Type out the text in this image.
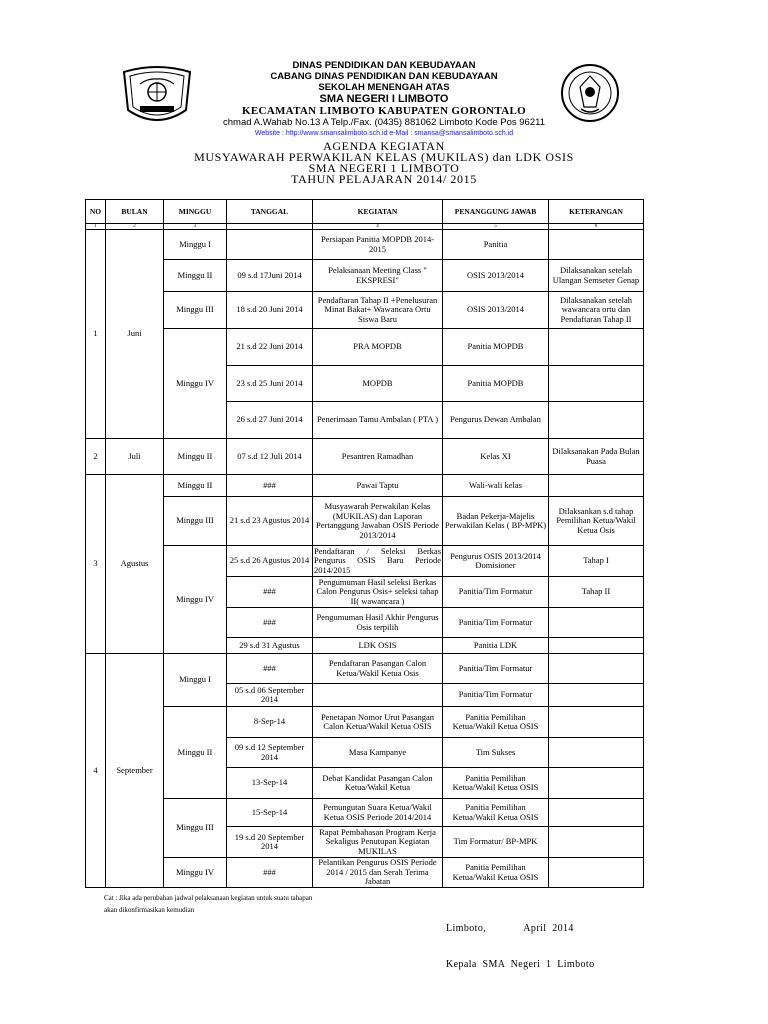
DINAS PENDIDIKAN DAN KEBUDAYAAN
CABANG DINAS PENDIDIKAN DAN KEBUDAYAAN
SEKOLAH MENENGAH ATAS
SMA NEGERI I LIMBOTO
KECAMATAN LIMBOTO KABUPATEN GORONTALO
chmad A.Wahab No.13 A Telp./Fax. (0435) 881062 Limboto Kode Pos 96211
Website : http://www.smansalimboto.sch.id e-Mail : smansa@smansalimboto.sch.id
AGENDA KEGIATAN
MUSYAWARAH PERWAKILAN KELAS (MUKILAS) dan LDK OSIS
SMA NEGERI 1 LIMBOTO
TAHUN PELAJARAN 2014/ 2015
NO	BULAN	MINGGU	TANGGAL	KEGIATAN	PENANGGUNG JAWAB	KETERANGAN
1	2	3		4	5	6
1	Juni	Minggu I		Persiapan Panitia MOPDB 2014-2015	Panitia	
		Minggu II	09 s.d 17Juni 2014	Pelaksanaan Meeting Class " EKSPRESI"	OSIS 2013/2014	Dilaksanakan setelah Ulangan Semseter Genap
		Minggu III	18 s.d 20 Juni 2014	Pendaftaran Tahap II +Penelusuran Minat Bakat+ Wawancara Ortu Siswa Baru	OSIS 2013/2014	Dilaksanakan setelah wawancara ortu dan Pendaftaran Tahap II
		Minggu IV	21 s.d 22 Juni 2014	PRA MOPDB	Panitia MOPDB	
			23 s.d 25 Juni 2014	MOPDB	Panitia MOPDB	
			26 s.d 27 Juni 2014	Penerimaan Tamu Ambalan ( PTA )	Pengurus Dewan Ambalan	
2	Juli	Minggu II	07 s.d 12 Juli 2014	Pesantren Ramadhan	Kelas XI	Dilaksanakan Pada Bulan Puasa
3	Agustus	Minggu II	###	Pawai Taptu	Wali-wali kelas	
		Minggu III	21 s.d 23 Agustus 2014	Musyawarah Perwakilan Kelas (MUKILAS) dan Laporan Pertanggung Jawaban OSIS Periode 2013/2014	Badan Pekerja-Majelis Perwakilan Kelas ( BP-MPK)	Dilaksankan s.d tahap Pemilihan Ketua/Wakil Ketua Osis
		Minggu IV	25 s.d 26 Agustus 2014	Pendaftaran / Seleksi Berkas Pengurus OSIS Baru Periode 2014/2015	Pengurus OSIS 2013/2014 Domisioner	Tahap I
			###	Pengumuman Hasil seleksi Berkas Calon Pengurus Osis+ seleksi tahap II( wawancara )	Panitia/Tim Formatur	Tahap II
			###	Pengumuman Hasil Akhir Pengurus Osis terpilih	Panitia/Tim Formatur	
			29 s.d 31 Agustus	LDK OSIS	Panitia LDK	
4	September	Minggu I	###	Pendaftaran Pasangan Calon Ketua/Wakil Ketua Osis	Panitia/Tim Formatur	
			05 s.d 06 September 2014		Panitia/Tim Formatur	
		Minggu II	8-Sep-14	Penetapan Nomor Urut Pasangan Calon Ketua/Wakil Ketua OSIS	Panitia Pemilihan Ketua/Wakil Ketua OSIS	
			09 s.d 12 September 2014	Masa Kampanye	Tim Sukses	
			13-Sep-14	Debat Kandidat Pasangan Calon Ketua/Wakil Ketua	Panitia Pemilihan Ketua/Wakil Ketua OSIS	
		Minggu III	15-Sep-14	Pemungutan Suara Ketua/Wakil Ketua OSIS Periode 2014/2014	Panitia Pemilihan Ketua/Wakil Ketua OSIS	
			19 s.d 20 September 2014	Rapat Pembahasan Program Kerja Sekaligus Penutupan Kegiatan MUKILAS	Tim Formatur/ BP-MPK	
		Minggu IV	###	Pelantikan Pengurus OSIS Periode 2014 / 2015 dan Serah Terima Jabatan	Panitia Pemilihan Ketua/Wakil Ketua OSIS	
Cat : Jika ada perubahan jadwal pelaksanaan kegiatan untuk suatu tahapan
akan dikonfirmasikan kemudian

Limboto,             April  2014

Kepala  SMA  Negeri  1  Limboto
